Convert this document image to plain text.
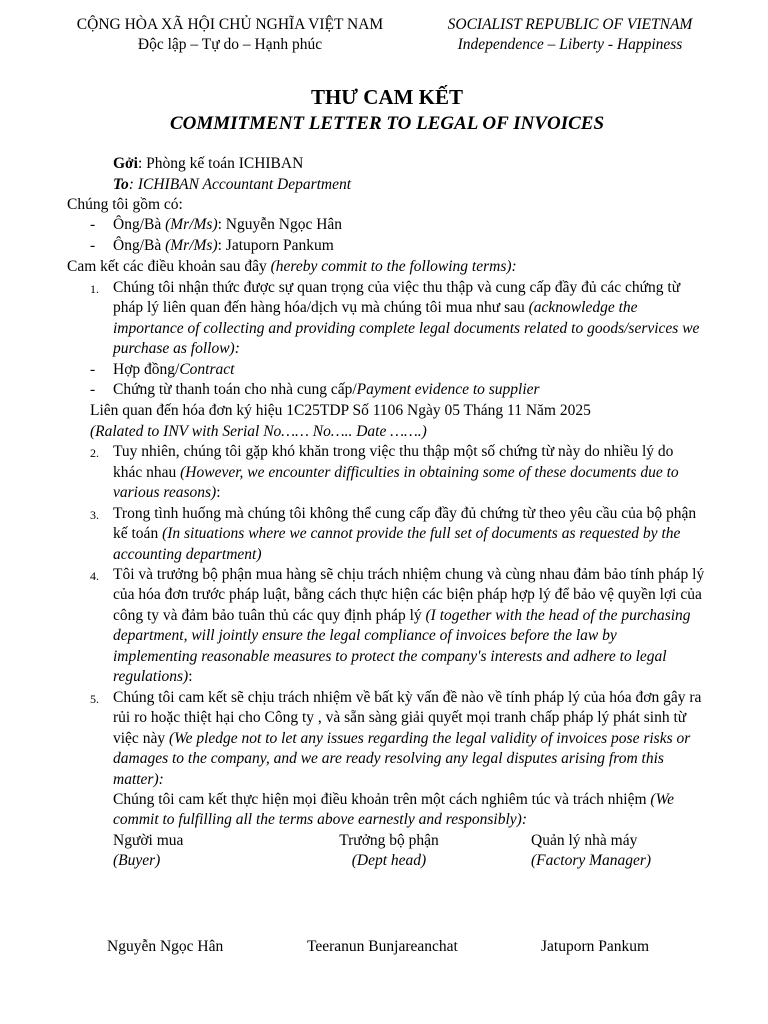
CỘNG HÒA XÃ HỘI CHỦ NGHĨA VIỆT NAM
Độc lập – Tự do – Hạnh phúc
SOCIALIST REPUBLIC OF VIETNAM
Independence – Liberty - Happiness
THƯ CAM KẾT
COMMITMENT LETTER TO LEGAL OF INVOICES
Gởi: Phòng kế toán ICHIBAN
To: ICHIBAN Accountant Department
Chúng tôi gồm có:
- Ông/Bà (Mr/Ms): Nguyễn Ngọc Hân
- Ông/Bà (Mr/Ms): Jatuporn Pankum
Cam kết các điều khoản sau đây (hereby commit to the following terms):
1. Chúng tôi nhận thức được sự quan trọng của việc thu thập và cung cấp đầy đủ các chứng từ
pháp lý liên quan đến hàng hóa/dịch vụ mà chúng tôi mua như sau (acknowledge the
importance of collecting and providing complete legal documents related to goods/services we
purchase as follow):
- Hợp đồng/Contract
- Chứng từ thanh toán cho nhà cung cấp/Payment evidence to supplier
Liên quan đến hóa đơn ký hiệu 1C25TDP Số 1106 Ngày 05 Tháng 11 Năm 2025
(Ralated to INV with Serial No…… No….. Date …….)
2. Tuy nhiên, chúng tôi gặp khó khăn trong việc thu thập một số chứng từ này do nhiều lý do
khác nhau (However, we encounter difficulties in obtaining some of these documents due to
various reasons):
3. Trong tình huống mà chúng tôi không thể cung cấp đầy đủ chứng từ theo yêu cầu của bộ phận
kế toán (In situations where we cannot provide the full set of documents as requested by the
accounting department)
4. Tôi và trưởng bộ phận mua hàng sẽ chịu trách nhiệm chung và cùng nhau đảm bảo tính pháp lý
của hóa đơn trước pháp luật, bằng cách thực hiện các biện pháp hợp lý để bảo vệ quyền lợi của
công ty và đảm bảo tuân thủ các quy định pháp lý (I together with the head of the purchasing
department, will jointly ensure the legal compliance of invoices before the law by
implementing reasonable measures to protect the company's interests and adhere to legal
regulations):
5. Chúng tôi cam kết sẽ chịu trách nhiệm về bất kỳ vấn đề nào về tính pháp lý của hóa đơn gây ra
rủi ro hoặc thiệt hại cho Công ty , và sẵn sàng giải quyết mọi tranh chấp pháp lý phát sinh từ
việc này (We pledge not to let any issues regarding the legal validity of invoices pose risks or
damages to the company, and we are ready resolving any legal disputes arising from this
matter):
Chúng tôi cam kết thực hiện mọi điều khoản trên một cách nghiêm túc và trách nhiệm (We
commit to fulfilling all the terms above earnestly and responsibly):
Người mua
(Buyer)
Trưởng bộ phận
(Dept head)
Quản lý nhà máy
(Factory Manager)
Nguyễn Ngọc Hân	Teeranun Bunjareanchat	Jatuporn Pankum
